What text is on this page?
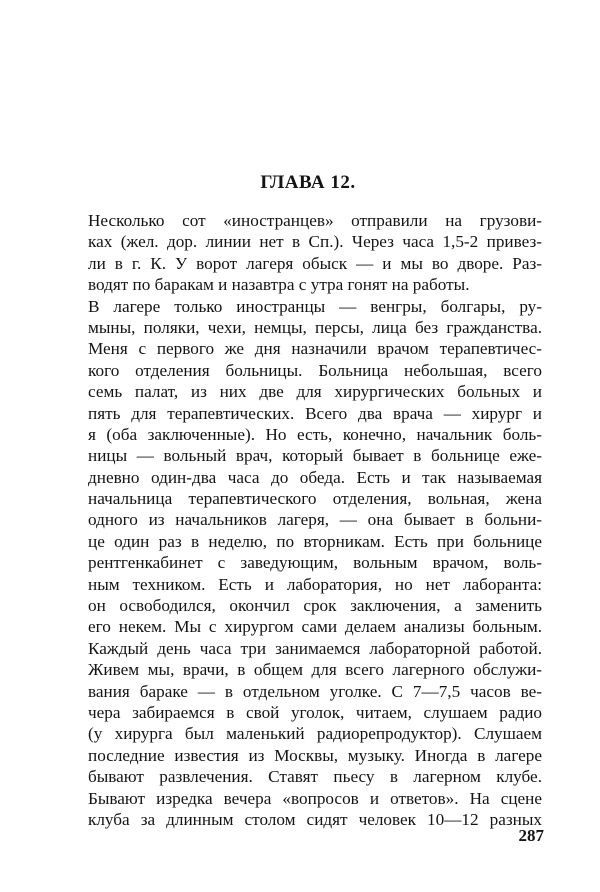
ГЛАВА 12.
Несколько сот «иностранцев» отправили на грузови-
ках (жел. дор. линии нет в Сп.). Через часа 1,5-2 привез-
ли в г. К. У ворот лагеря обыск — и мы во дворе. Раз-
водят по баракам и назавтра с утра гонят на работы.
В лагере только иностранцы — венгры, болгары, ру-
мыны, поляки, чехи, немцы, персы, лица без гражданства.
Меня с первого же дня назначили врачом терапевтичес-
кого отделения больницы. Больница небольшая, всего
семь палат, из них две для хирургических больных и
пять для терапевтических. Всего два врача — хирург и
я (оба заключенные). Но есть, конечно, начальник боль-
ницы — вольный врач, который бывает в больнице еже-
дневно один-два часа до обеда. Есть и так называемая
начальница терапевтического отделения, вольная, жена
одного из начальников лагеря, — она бывает в больни-
це один раз в неделю, по вторникам. Есть при больнице
рентгенкабинет с заведующим, вольным врачом, воль-
ным техником. Есть и лаборатория, но нет лаборанта:
он освободился, окончил срок заключения, а заменить
его некем. Мы с хирургом сами делаем анализы больным.
Каждый день часа три занимаемся лабораторной работой.
Живем мы, врачи, в общем для всего лагерного обслужи-
вания бараке — в отдельном уголке. С 7—7,5 часов ве-
чера забираемся в свой уголок, читаем, слушаем радио
(у хирурга был маленький радиорепродуктор). Слушаем
последние известия из Москвы, музыку. Иногда в лагере
бывают развлечения. Ставят пьесу в лагерном клубе.
Бывают изредка вечера «вопросов и ответов». На сцене
клуба за длинным столом сидят человек 10—12 разных
287
